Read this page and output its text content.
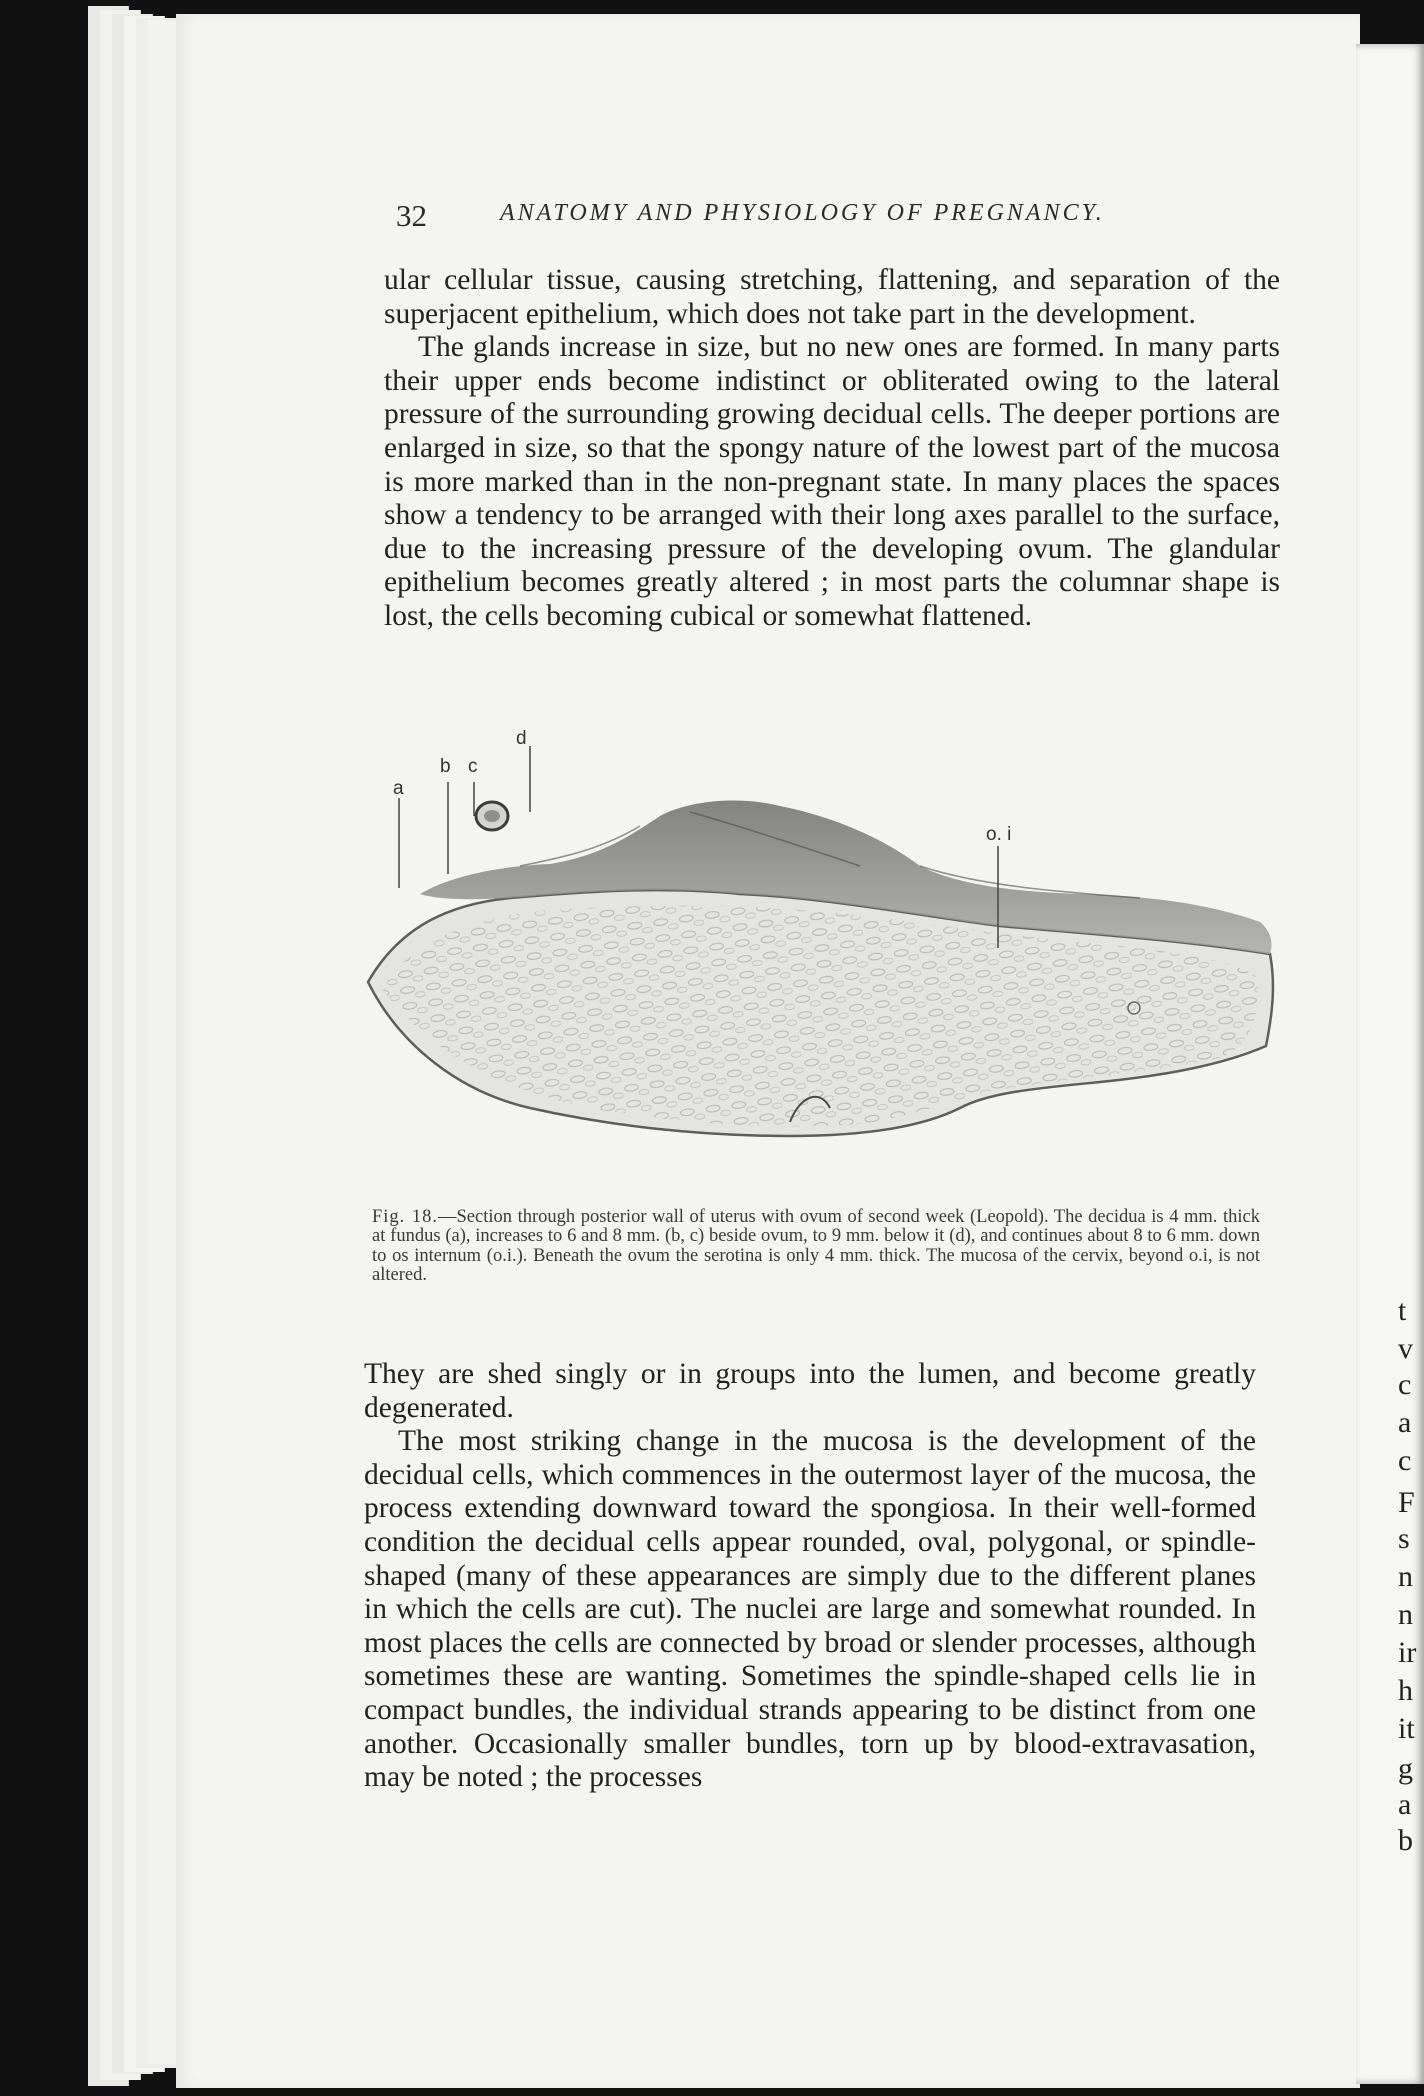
t
v
c
a
c
F
s
n
n
ir
h
it
g
a
b
32	ANATOMY AND PHYSIOLOGY OF PREGNANCY.

ular cellular tissue, causing stretching, flattening, and separation of the superjacent epithelium, which does not take part in the development.

The glands increase in size, but no new ones are formed. In many parts their upper ends become indistinct or obliterated owing to the lateral pressure of the surrounding growing decidual cells. The deeper portions are enlarged in size, so that the spongy nature of the lowest part of the mucosa is more marked than in the non-pregnant state. In many places the spaces show a tendency to be arranged with their long axes parallel to the surface, due to the increasing pressure of the developing ovum. The glandular epithelium becomes greatly altered ; in most parts the columnar shape is lost, the cells becoming cubical or somewhat flattened.

d
b c
a
o. i
Fig. 18.—Section through posterior wall of uterus with ovum of second week (Leopold). The decidua is 4 mm. thick at fundus (a), increases to 6 and 8 mm. (b, c) beside ovum, to 9 mm. below it (d), and continues about 8 to 6 mm. down to os internum (o.i.). Beneath the ovum the serotina is only 4 mm. thick. The mucosa of the cervix, beyond o.i, is not altered.

They are shed singly or in groups into the lumen, and become greatly degenerated.

The most striking change in the mucosa is the development of the decidual cells, which commences in the outermost layer of the mucosa, the process extending downward toward the spongiosa. In their well-formed condition the decidual cells appear rounded, oval, polygonal, or spindle-shaped (many of these appearances are simply due to the different planes in which the cells are cut). The nuclei are large and somewhat rounded. In most places the cells are connected by broad or slender processes, although sometimes these are wanting. Sometimes the spindle-shaped cells lie in compact bundles, the individual strands appearing to be distinct from one another. Occasionally smaller bundles, torn up by blood-extravasation, may be noted ; the processes
